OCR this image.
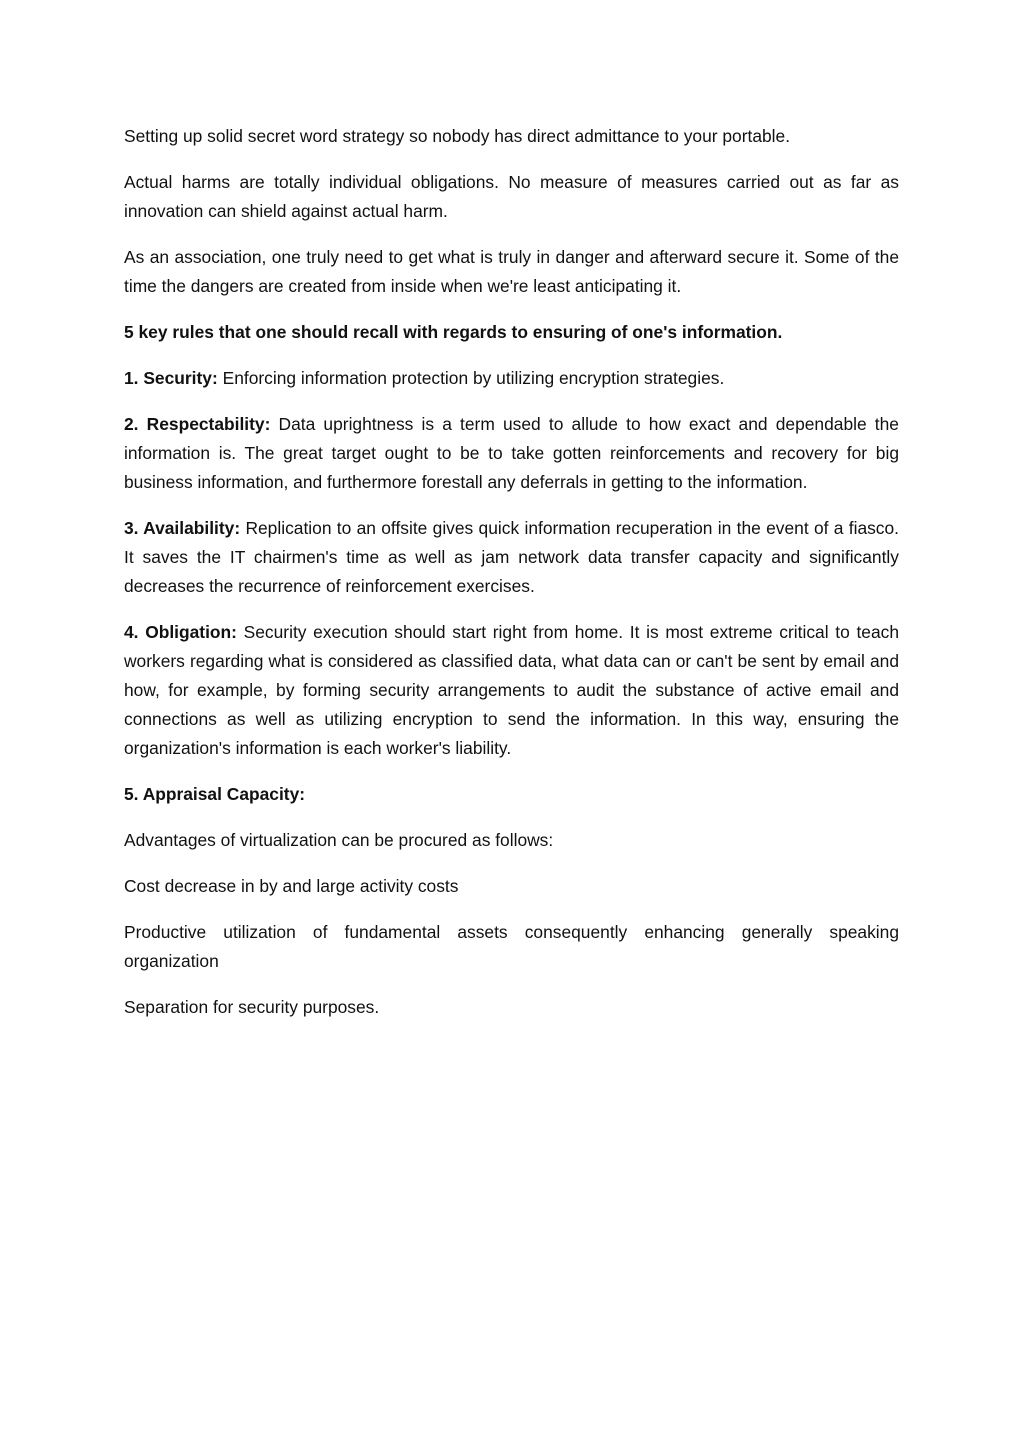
Setting up solid secret word strategy so nobody has direct admittance to your portable.

Actual harms are totally individual obligations. No measure of measures carried out as far as innovation can shield against actual harm.

As an association, one truly need to get what is truly in danger and afterward secure it. Some of the time the dangers are created from inside when we're least anticipating it.

5 key rules that one should recall with regards to ensuring of one's information.

1. Security: Enforcing information protection by utilizing encryption strategies.

2. Respectability: Data uprightness is a term used to allude to how exact and dependable the information is. The great target ought to be to take gotten reinforcements and recovery for big business information, and furthermore forestall any deferrals in getting to the information.

3. Availability: Replication to an offsite gives quick information recuperation in the event of a fiasco. It saves the IT chairmen's time as well as jam network data transfer capacity and significantly decreases the recurrence of reinforcement exercises.

4. Obligation: Security execution should start right from home. It is most extreme critical to teach workers regarding what is considered as classified data, what data can or can't be sent by email and how, for example, by forming security arrangements to audit the substance of active email and connections as well as utilizing encryption to send the information. In this way, ensuring the organization's information is each worker's liability.

5. Appraisal Capacity:

Advantages of virtualization can be procured as follows:

Cost decrease in by and large activity costs

Productive utilization of fundamental assets consequently enhancing generally speaking organization

Separation for security purposes.
